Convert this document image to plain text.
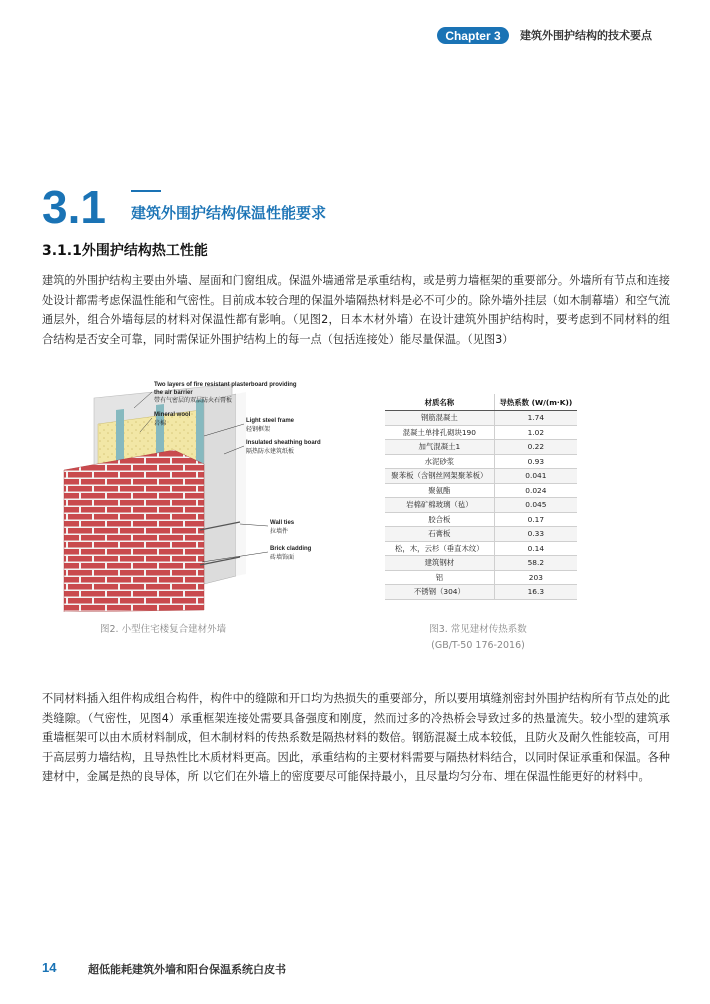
Chapter 3	建筑外围护结构的技术要点
3.1 建筑外围护结构保温性能要求
3.1.1外围护结构热工性能

建筑的外围护结构主要由外墙、屋面和门窗组成。保温外墙通常是承重结构，或是剪力墙框架的重要部分。外墙所有节点和连接处设计都需考虑保温性能和气密性。目前成本较合理的保温外墙隔热材料是必不可少的。除外墙外挂层（如木制幕墙）和空气流通层外，组合外墙每层的材料对保温性都有影响。（见图2，日本木材外墙）在设计建筑外围护结构时，要考虑到不同材料的组合结构是否安全可靠，同时需保证外围护结构上的每一点（包括连接处）能尽量保温。（见图3）

Two layers of fire resistant plasterboard providing the air barrier
带有气密层的双层防火石膏板
Mineral wool
岩棉	Light steel frame
轻钢框架
Insulated sheathing board
隔热防水建筑纸板
Wall ties
拉墙件
Brick cladding
砖墙饰面
图2. 小型住宅楼复合建材外墙
材质名称	导热系数 (W/(m·K))
钢筋混凝土	1.74
混凝土单排孔砌块190	1.02
加气混凝土1	0.22
水泥砂浆	0.93
聚苯板（含钢丝网架聚苯板）	0.041
聚氨酯	0.024
岩棉矿棉玻璃（毡）	0.045
胶合板	0.17
石膏板	0.33
松，木，云杉（垂直木纹）	0.14
建筑钢材	58.2
铝	203
不锈钢（304）	16.3
图3. 常见建材传热系数
(GB/T-50 176-2016)

不同材料插入组件构成组合构件，构件中的缝隙和开口均为热损失的重要部分，所以要用填缝剂密封外围护结构所有节点处的此类缝隙。（气密性，见图4）承重框架连接处需要具备强度和刚度，然而过多的冷热桥会导致过多的热量流失。较小型的建筑承重墙框架可以由木质材料制成，但木制材料的传热系数是隔热材料的数倍。钢筋混凝土成本较低，且防火及耐久性能较高，可用于高层剪力墙结构，且导热性比木质材料更高。因此，承重结构的主要材料需要与隔热材料结合，以同时保证承重和保温。各种建材中，金属是热的良导体，所 以它们在外墙上的密度要尽可能保持最小，且尽量均匀分布、埋在保温性能更好的材料中。

14	超低能耗建筑外墙和阳台保温系统白皮书
